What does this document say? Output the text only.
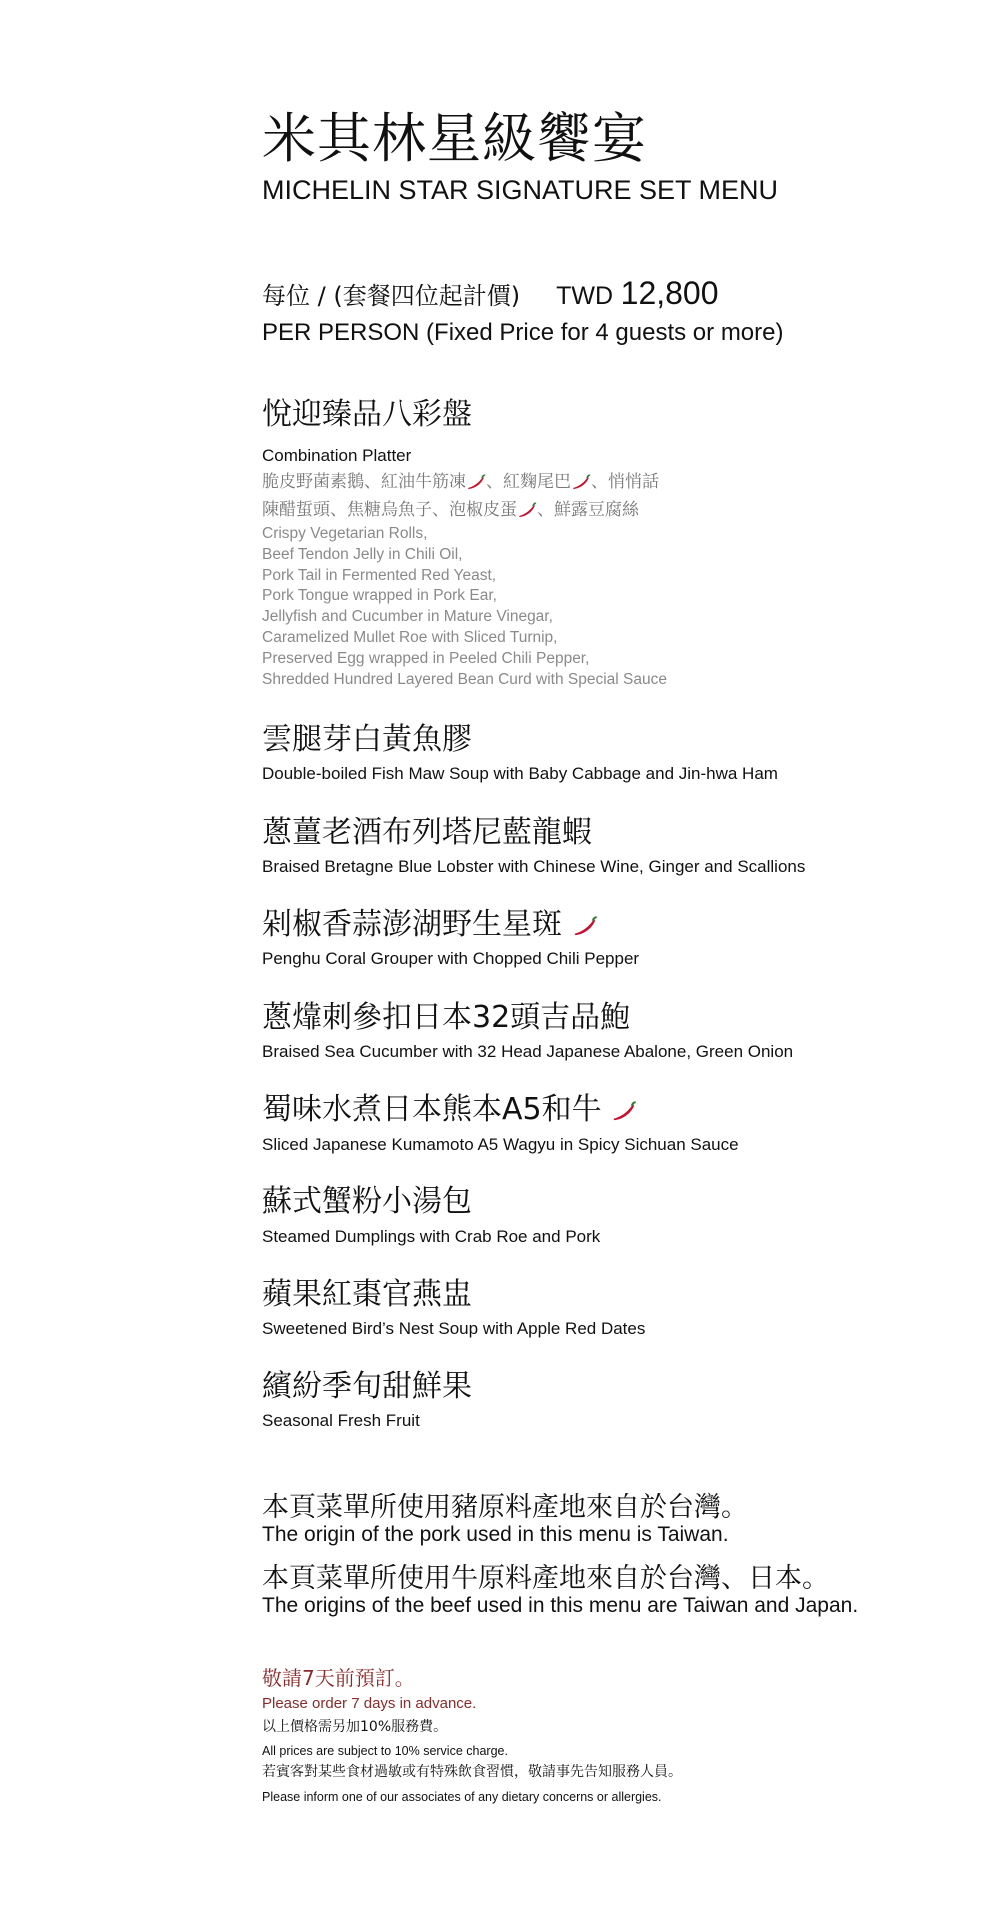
米其林星級饗宴
MICHELIN STAR SIGNATURE SET MENU
每位 / (套餐四位起計價) TWD 12,800
PER PERSON (Fixed Price for 4 guests or more)
悅迎臻品八彩盤
Combination Platter
脆皮野菌素鵝、紅油牛筋凍 、紅麴尾巴 、悄悄話
陳醋蜇頭、焦糖烏魚子、泡椒皮蛋 、鮮露豆腐絲
Crispy Vegetarian Rolls,
Beef Tendon Jelly in Chili Oil,
Pork Tail in Fermented Red Yeast,
Pork Tongue wrapped in Pork Ear,
Jellyfish and Cucumber in Mature Vinegar,
Caramelized Mullet Roe with Sliced Turnip,
Preserved Egg wrapped in Peeled Chili Pepper,
Shredded Hundred Layered Bean Curd with Special Sauce
雲腿芽白黃魚膠
Double-boiled Fish Maw Soup with Baby Cabbage and Jin-hwa Ham
蔥薑老酒布列塔尼藍龍蝦
Braised Bretagne Blue Lobster with Chinese Wine, Ginger and Scallions
剁椒香蒜澎湖野生星斑
Penghu Coral Grouper with Chopped Chili Pepper
蔥㸆刺參扣日本32頭吉品鮑
Braised Sea Cucumber with 32 Head Japanese Abalone, Green Onion
蜀味水煮日本熊本A5和牛
Sliced Japanese Kumamoto A5 Wagyu in Spicy Sichuan Sauce
蘇式蟹粉小湯包
Steamed Dumplings with Crab Roe and Pork
蘋果紅棗官燕盅
Sweetened Bird’s Nest Soup with Apple Red Dates
繽紛季旬甜鮮果
Seasonal Fresh Fruit
本頁菜單所使用豬原料產地來自於台灣。
The origin of the pork used in this menu is Taiwan.
本頁菜單所使用牛原料產地來自於台灣、日本。
The origins of the beef used in this menu are Taiwan and Japan.
敬請7天前預訂。
Please order 7 days in advance.
以上價格需另加10%服務費。
All prices are subject to 10% service charge.
若賓客對某些食材過敏或有特殊飲食習慣，敬請事先告知服務人員。
Please inform one of our associates of any dietary concerns or allergies.
